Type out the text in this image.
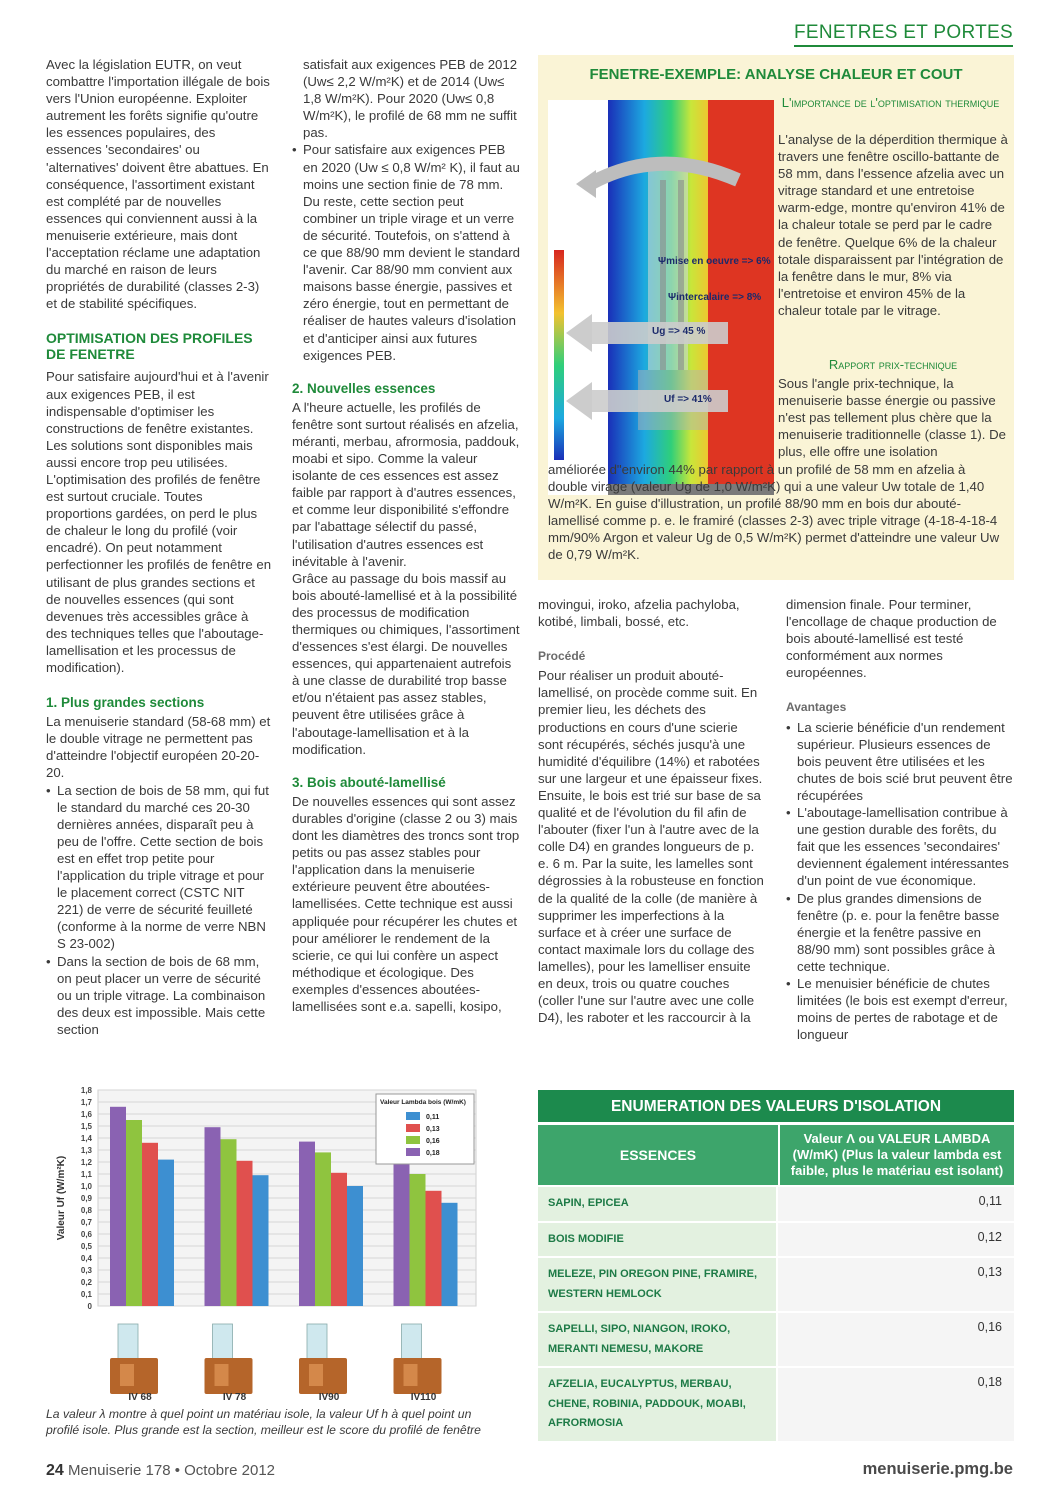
FENETRES ET PORTES

Avec la législation EUTR, on veut combattre l'importation illégale de bois vers l'Union européenne. Exploiter autrement les forêts signifie qu'outre les essences populaires, des essences 'secondaires' ou 'alternatives' doivent être abattues. En conséquence, l'assortiment existant est complété par de nouvelles essences qui conviennent aussi à la menuiserie extérieure, mais dont l'acceptation réclame une adaptation du marché en raison de leurs propriétés de durabilité (classes 2-3) et de stabilité spécifiques.

OPTIMISATION DES PROFILES DE FENETRE

Pour satisfaire aujourd'hui et à l'avenir aux exigences PEB, il est indispensable d'optimiser les constructions de fenêtre existantes. Les solutions sont disponibles mais aussi encore trop peu utilisées. L'optimisation des profilés de fenêtre est surtout cruciale. Toutes proportions gardées, on perd le plus de chaleur le long du profilé (voir encadré). On peut notamment perfectionner les profilés de fenêtre en utilisant de plus grandes sections et de nouvelles essences (qui sont devenues très accessibles grâce à des techniques telles que l'aboutage-lamellisation et les processus de modification).

1. Plus grandes sections

La menuiserie standard (58-68 mm) et le double vitrage ne permettent pas d'atteindre l'objectif européen 20-20-20.

• La section de bois de 58 mm, qui fut le standard du marché ces 20-30 dernières années, disparaît peu à peu de l'offre. Cette section de bois est en effet trop petite pour l'application du triple vitrage et pour le placement correct (CSTC NIT 221) de verre de sécurité feuilleté (conforme à la norme de verre NBN S 23-002)
• Dans la section de bois de 68 mm, on peut placer un verre de sécurité ou un triple vitrage. La combinaison des deux est impossible. Mais cette section

satisfait aux exigences PEB de 2012 (Uw≤ 2,2 W/m²K) et de 2014 (Uw≤ 1,8 W/m²K). Pour 2020 (Uw≤ 0,8 W/m²K), le profilé de 68 mm ne suffit pas.

• Pour satisfaire aux exigences PEB en 2020 (Uw ≤ 0,8 W/m² K), il faut au moins une section finie de 78 mm. Du reste, cette section peut combiner un triple virage et un verre de sécurité. Toutefois, on s'attend à ce que 88/90 mm devient le standard l'avenir. Car 88/90 mm convient aux maisons basse énergie, passives et zéro énergie, tout en permettant de réaliser de hautes valeurs d'isolation et d'anticiper ainsi aux futures exigences PEB.
2. Nouvelles essences

A l'heure actuelle, les profilés de fenêtre sont surtout réalisés en afzelia, méranti, merbau, afrormosia, paddouk, moabi et sipo. Comme la valeur isolante de ces essences est assez faible par rapport à d'autres essences, et comme leur disponibilité s'effondre par l'abattage sélectif du passé, l'utilisation d'autres essences est inévitable à l'avenir.

Grâce au passage du bois massif au bois abouté-lamellisé et à la possibilité des processus de modification thermiques ou chimiques, l'assortiment d'essences s'est élargi. De nouvelles essences, qui appartenaient autrefois à une classe de durabilité trop basse et/ou n'étaient pas assez stables, peuvent être utilisées grâce à l'aboutage-lamellisation et à la modification.

3. Bois abouté-lamellisé

De nouvelles essences qui sont assez durables d'origine (classe 2 ou 3) mais dont les diamètres des troncs sont trop petits ou pas assez stables pour l'application dans la menuiserie extérieure peuvent être aboutées-lamellisées. Cette technique est aussi appliquée pour récupérer les chutes et pour améliorer le rendement de la scierie, ce qui lui confère un aspect méthodique et écologique. Des exemples d'essences aboutées-lamellisées sont e.a. sapelli, kosipo,

FENETRE-EXEMPLE: ANALYSE CHALEUR ET COUT
L'importance de l'optimisation thermique
Ψmise en oeuvre => 6%
Ψintercalaire => 8%
Ug => 45 %
Uf => 41%
L'analyse de la déperdition thermique à travers une fenêtre oscillo-battante de 58 mm, dans l'essence afzelia avec un vitrage standard et une entretoise warm-edge, montre qu'environ 41% de la chaleur totale se perd par le cadre de fenêtre. Quelque 6% de la chaleur totale disparaissent par l'intégration de la fenêtre dans le mur, 8% via l'entretoise et environ 45% de la chaleur totale par le vitrage.
Rapport prix-technique
Sous l'angle prix-technique, la menuiserie basse énergie ou passive n'est pas tellement plus chère que la menuiserie traditionnelle (classe 1). De plus, elle offre une isolation
améliorée d"environ 44% par rapport à un profilé de 58 mm en afzelia à double virage (valeur Ug de 1,0 W/m²K) qui a une valeur Uw totale de 1,40 W/m²K. En guise d'illustration, un profilé 88/90 mm en bois dur abouté-lamellisé comme p. e. le framiré (classes 2-3) avec triple vitrage (4-18-4-18-4 mm/90% Argon et valeur Ug de 0,5 W/m²K) permet d'atteindre une valeur Uw de 0,79 W/m²K.

movingui, iroko, afzelia pachyloba, kotibé, limbali, bossé, etc.

Procédé

Pour réaliser un produit abouté-lamellisé, on procède comme suit. En premier lieu, les déchets des productions en cours d'une scierie sont récupérés, séchés jusqu'à une humidité d'équilibre (14%) et rabotées sur une largeur et une épaisseur fixes. Ensuite, le bois est trié sur base de sa qualité et de l'évolution du fil afin de l'abouter (fixer l'un à l'autre avec de la colle D4) en grandes longueurs de p. e. 6 m. Par la suite, les lamelles sont dégrossies à la robusteuse en fonction de la qualité de la colle (de manière à supprimer les imperfections à la surface et à créer une surface de contact maximale lors du collage des lamelles), pour les lamelliser ensuite en deux, trois ou quatre couches (coller l'une sur l'autre avec une colle D4), les raboter et les raccourcir à la

dimension finale. Pour terminer, l'encollage de chaque production de bois abouté-lamellisé est testé conformément aux normes européennes.

Avantages
• La scierie bénéficie d'un rendement supérieur. Plusieurs essences de bois peuvent être utilisées et les chutes de bois scié brut peuvent être récupérées
• L'aboutage-lamellisation contribue à une gestion durable des forêts, du fait que les essences 'secondaires' deviennent également intéressantes d'un point de vue économique.
• De plus grandes dimensions de fenêtre (p. e. pour la fenêtre basse énergie et la fenêtre passive en 88/90 mm) sont possibles grâce à cette technique.
• Le menuisier bénéficie de chutes limitées (le bois est exempt d'erreur, moins de pertes de rabotage et de longueur
0
0,1
0,2
0,3
0,4
0,5
0,6
0,7
0,8
0,9
1,0
1,1
1,2
1,3
1,4
1,5
1,6
1,7
1,8
Valeur Uf (W/m²K)
IV 68	IV 78	IV90	IV110
Valeur Lambda bois (W/mK)
0,11
0,13
0,16
0,18
La valeur λ montre à quel point un matériau isole, la valeur Uf h à quel point un profilé isole. Plus grande est la section, meilleur est le score du profilé de fenêtre
ENUMERATION DES VALEURS D'ISOLATION
ESSENCES
Valeur Λ ou VALEUR LAMBDA (W/mK) (Plus la valeur lambda est faible, plus le matériau est isolant)
SAPIN, EPICEA	0,11
BOIS MODIFIE	0,12
MELEZE, PIN OREGON PINE, FRAMIRE, WESTERN HEMLOCK
0,13
SAPELLI, SIPO, NIANGON, IROKO, MERANTI NEMESU, MAKORE
0,16
AFZELIA, EUCALYPTUS, MERBAU, CHENE, ROBINIA, PADDOUK, MOABI, AFRORMOSIA
0,18
24 Menuiserie 178 • Octobre 2012	menuiserie.pmg.be
